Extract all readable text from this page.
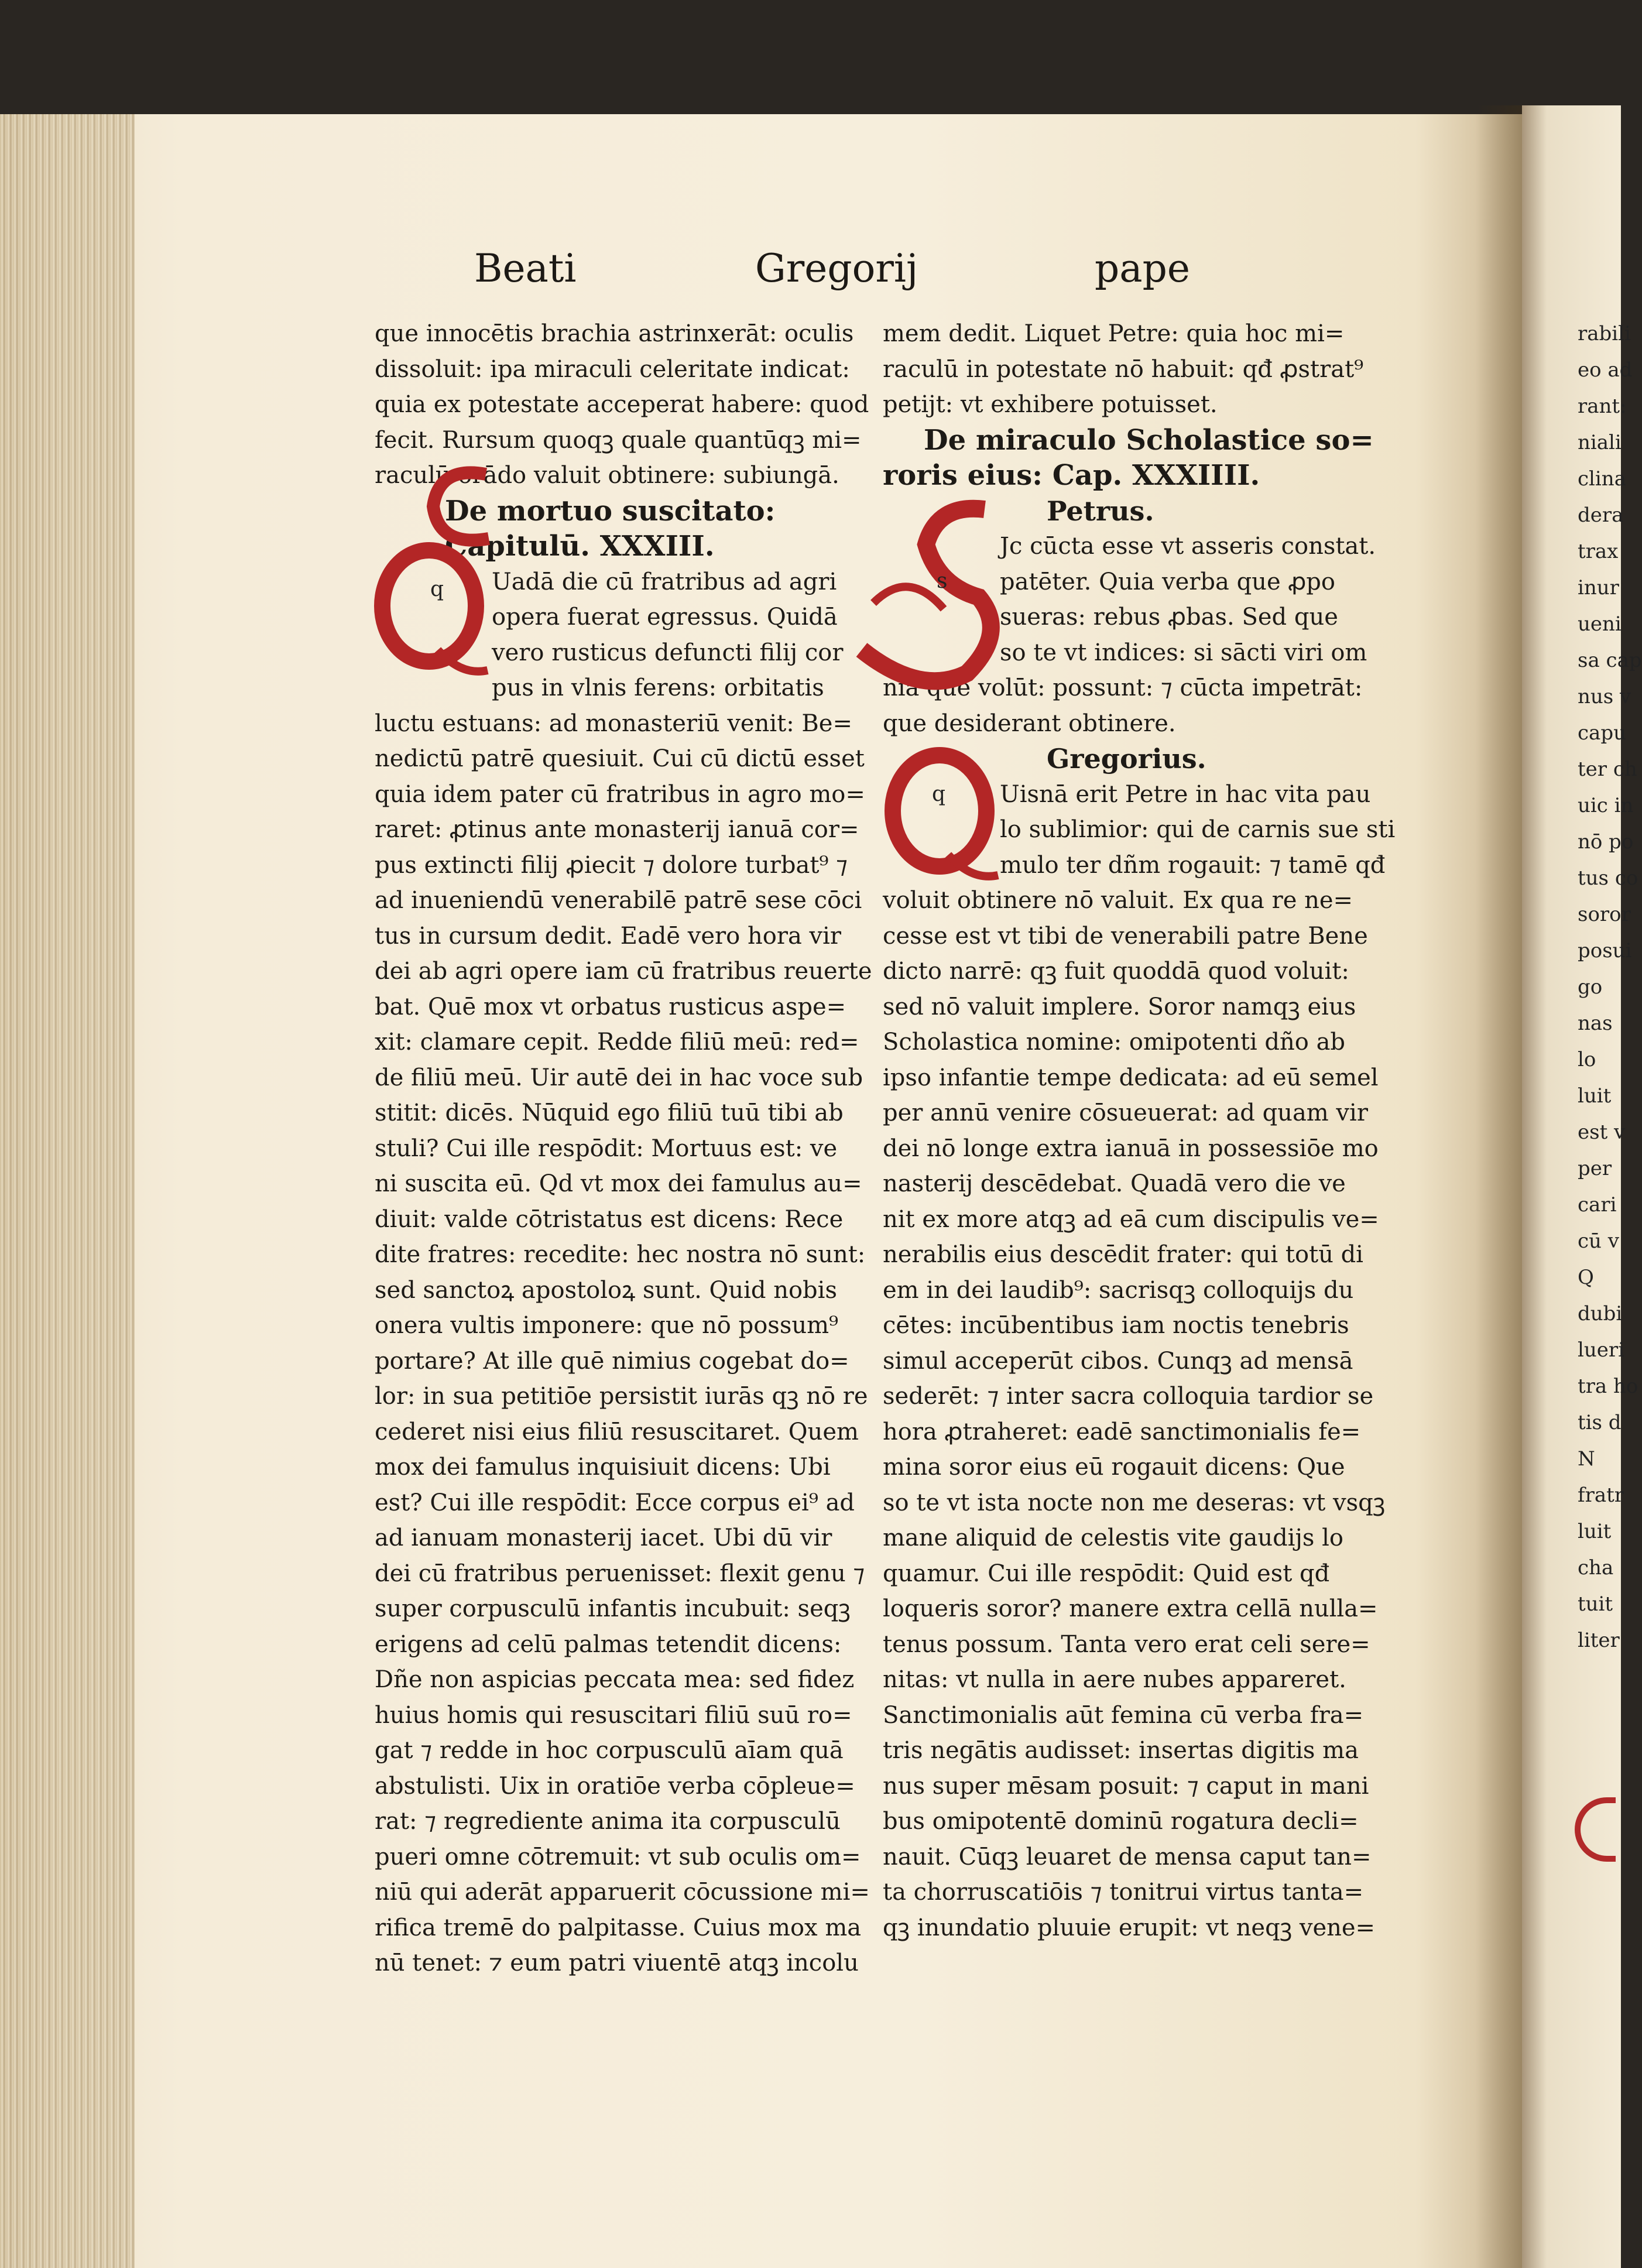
rabili
eo ad
rant:
niali
clina
dera
trax
inur
ueni
sa cap
nus v
capu
ter ch
uic in
nō po
tus co
soror
posui
go
nas
lo
luit
est v
per
cari
cū v
Q
dubi
lueri
tra ho
tis d
N
fratr
luit
cha
tuit
liter
Beati	Gregorij	pape
que innocētis brachia astrinxerāt: oculis
dissoluit: ipa miraculi celeritate indicat:
quia ex potestate acceperat habere: quod
fecit. Rursum quoqꝫ quale quantūqꝫ mi=
raculū orādo valuit obtinere: subiungā.
De mortuo suscitato:
Capitulū. XXXIII.
Uadā die cū fratribus ad agri
opera fuerat egressus. Quidā
vero rusticus defuncti filij cor
pus in vlnis ferens: orbitatis
luctu estuans: ad monasteriū venit: Be=
nedictū patrē quesiuit. Cui cū dictū esset
quia idem pater cū fratribus in agro mo=
raret: ꝓtinus ante monasterij ianuā cor=
pus extincti filij ꝓiecit ⁊ dolore turbat⁹ ⁊
ad inueniendū venerabilē patrē sese cōci
tus in cursum dedit. Eadē vero hora vir
dei ab agri opere iam cū fratribus reuerte
bat. Quē mox vt orbatus rusticus aspe=
xit: clamare cepit. Redde filiū meū: red=
de filiū meū. Uir autē dei in hac voce sub
stitit: dicēs. Nūquid ego filiū tuū tibi ab
stuli? Cui ille respōdit: Mortuus est: ve
ni suscita eū. Qd vt mox dei famulus au=
diuit: valde cōtristatus est dicens: Rece
dite fratres: recedite: hec nostra nō sunt:
sed sanctoꝝ apostoloꝝ sunt. Quid nobis
onera vultis imponere: que nō possum⁹
portare? At ille quē nimius cogebat do=
lor: in sua petitiōe persistit iurās qꝫ nō re
cederet nisi eius filiū resuscitaret. Quem
mox dei famulus inquisiuit dicens: Ubi
est? Cui ille respōdit: Ecce corpus ei⁹ ad
ad ianuam monasterij iacet. Ubi dū vir
dei cū fratribus peruenisset: flexit genu ⁊
super corpusculū infantis incubuit: seqꝫ
erigens ad celū palmas tetendit dicens:
Dñe non aspicias peccata mea: sed fidez
huius homis qui resuscitari filiū suū ro=
gat ⁊ redde in hoc corpusculū aīam quā
abstulisti. Uix in oratiōe verba cōpleue=
rat: ⁊ regrediente anima ita corpusculū
pueri omne cōtremuit: vt sub oculis om=
niū qui aderāt apparuerit cōcussione mi=
rifica tremē do palpitasse. Cuius mox ma
nū tenet: ⁊ eum patri viuentē atqꝫ incolu
mem dedit. Liquet Petre: quia hoc mi=
raculū in potestate nō habuit: qđ ꝓstrat⁹
petijt: vt exhibere potuisset.
De miraculo Scholastice so=
roris eius: Cap. XXXIIII.
Petrus.
Jc cūcta esse vt asseris constat.
patēter. Quia verba que ꝓpo
sueras: rebus ꝓbas. Sed que
so te vt indices: si sācti viri om
nia que volūt: possunt: ⁊ cūcta impetrāt:
que desiderant obtinere.
Gregorius.
Uisnā erit Petre in hac vita pau
lo sublimior: qui de carnis sue sti
mulo ter dñm rogauit: ⁊ tamē qđ
voluit obtinere nō valuit. Ex qua re ne=
cesse est vt tibi de venerabili patre Bene
dicto narrē: qꝫ fuit quoddā quod voluit:
sed nō valuit implere. Soror namqꝫ eius
Scholastica nomine: omipotenti dño ab
ipso infantie tempe dedicata: ad eū semel
per annū venire cōsueuerat: ad quam vir
dei nō longe extra ianuā in possessiōe mo
nasterij descēdebat. Quadā vero die ve
nit ex more atqꝫ ad eā cum discipulis ve=
nerabilis eius descēdit frater: qui totū di
em in dei laudib⁹: sacrisqꝫ colloquijs du
cētes: incūbentibus iam noctis tenebris
simul acceperūt cibos. Cunqꝫ ad mensā
sederēt: ⁊ inter sacra colloquia tardior se
hora ꝓtraheret: eadē sanctimonialis fe=
mina soror eius eū rogauit dicens: Que
so te vt ista nocte non me deseras: vt vsqꝫ
mane aliquid de celestis vite gaudijs lo
quamur. Cui ille respōdit: Quid est qđ
loqueris soror? manere extra cellā nulla=
tenus possum. Tanta vero erat celi sere=
nitas: vt nulla in aere nubes appareret.
Sanctimonialis aūt femina cū verba fra=
tris negātis audisset: insertas digitis ma
nus super mēsam posuit: ⁊ caput in mani
bus omipotentē dominū rogatura decli=
nauit. Cūqꝫ leuaret de mensa caput tan=
ta chorruscatiōis ⁊ tonitrui virtus tanta=
qꝫ inundatio pluuie erupit: vt neqꝫ vene=
q
q
s
